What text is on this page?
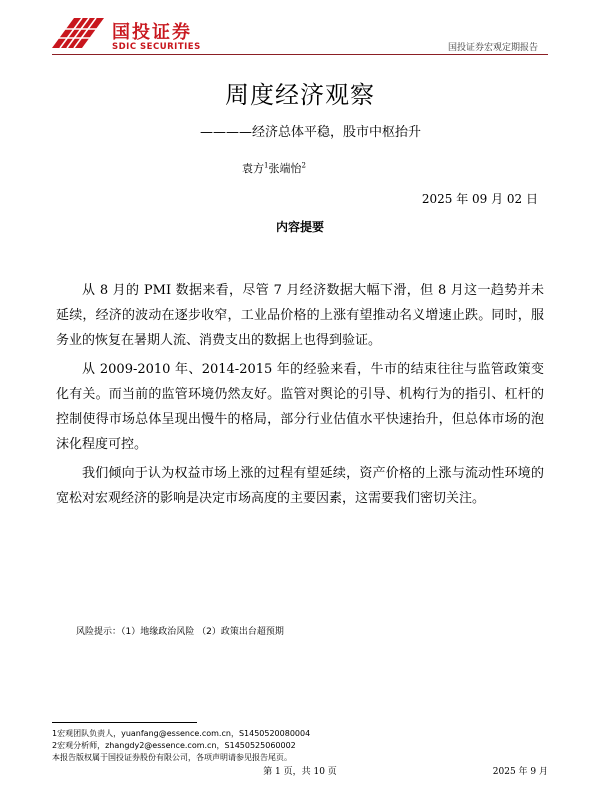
国投证券
SDIC SECURITIES	国投证券宏观定期报告
周度经济观察
————经济总体平稳，股市中枢抬升
袁方$^1$张端怡$^2$
2025 年 09 月 02 日
内容提要

从 8 月的 PMI 数据来看，尽管 7 月经济数据大幅下滑，但 8 月这一趋势并未延续，经济的波动在逐步收窄，工业品价格的上涨有望推动名义增速止跌。同时，服务业的恢复在暑期人流、消费支出的数据上也得到验证。

从 2009-2010 年、2014-2015 年的经验来看，牛市的结束往往与监管政策变化有关。而当前的监管环境仍然友好。监管对舆论的引导、机构行为的指引、杠杆的控制使得市场总体呈现出慢牛的格局，部分行业估值水平快速抬升，但总体市场的泡沫化程度可控。

我们倾向于认为权益市场上涨的过程有望延续，资产价格的上涨与流动性环境的宽松对宏观经济的影响是决定市场高度的主要因素，这需要我们密切关注。

风险提示：（1）地缘政治风险 （2）政策出台超预期
1宏观团队负责人，yuanfang@essence.com.cn，S1450520080004
2宏观分析师，zhangdy2@essence.com.cn，S1450525060002
本报告版权属于国投证券股份有限公司，各项声明请参见报告尾页。
第 1 页，共 10 页	2025 年 9 月
